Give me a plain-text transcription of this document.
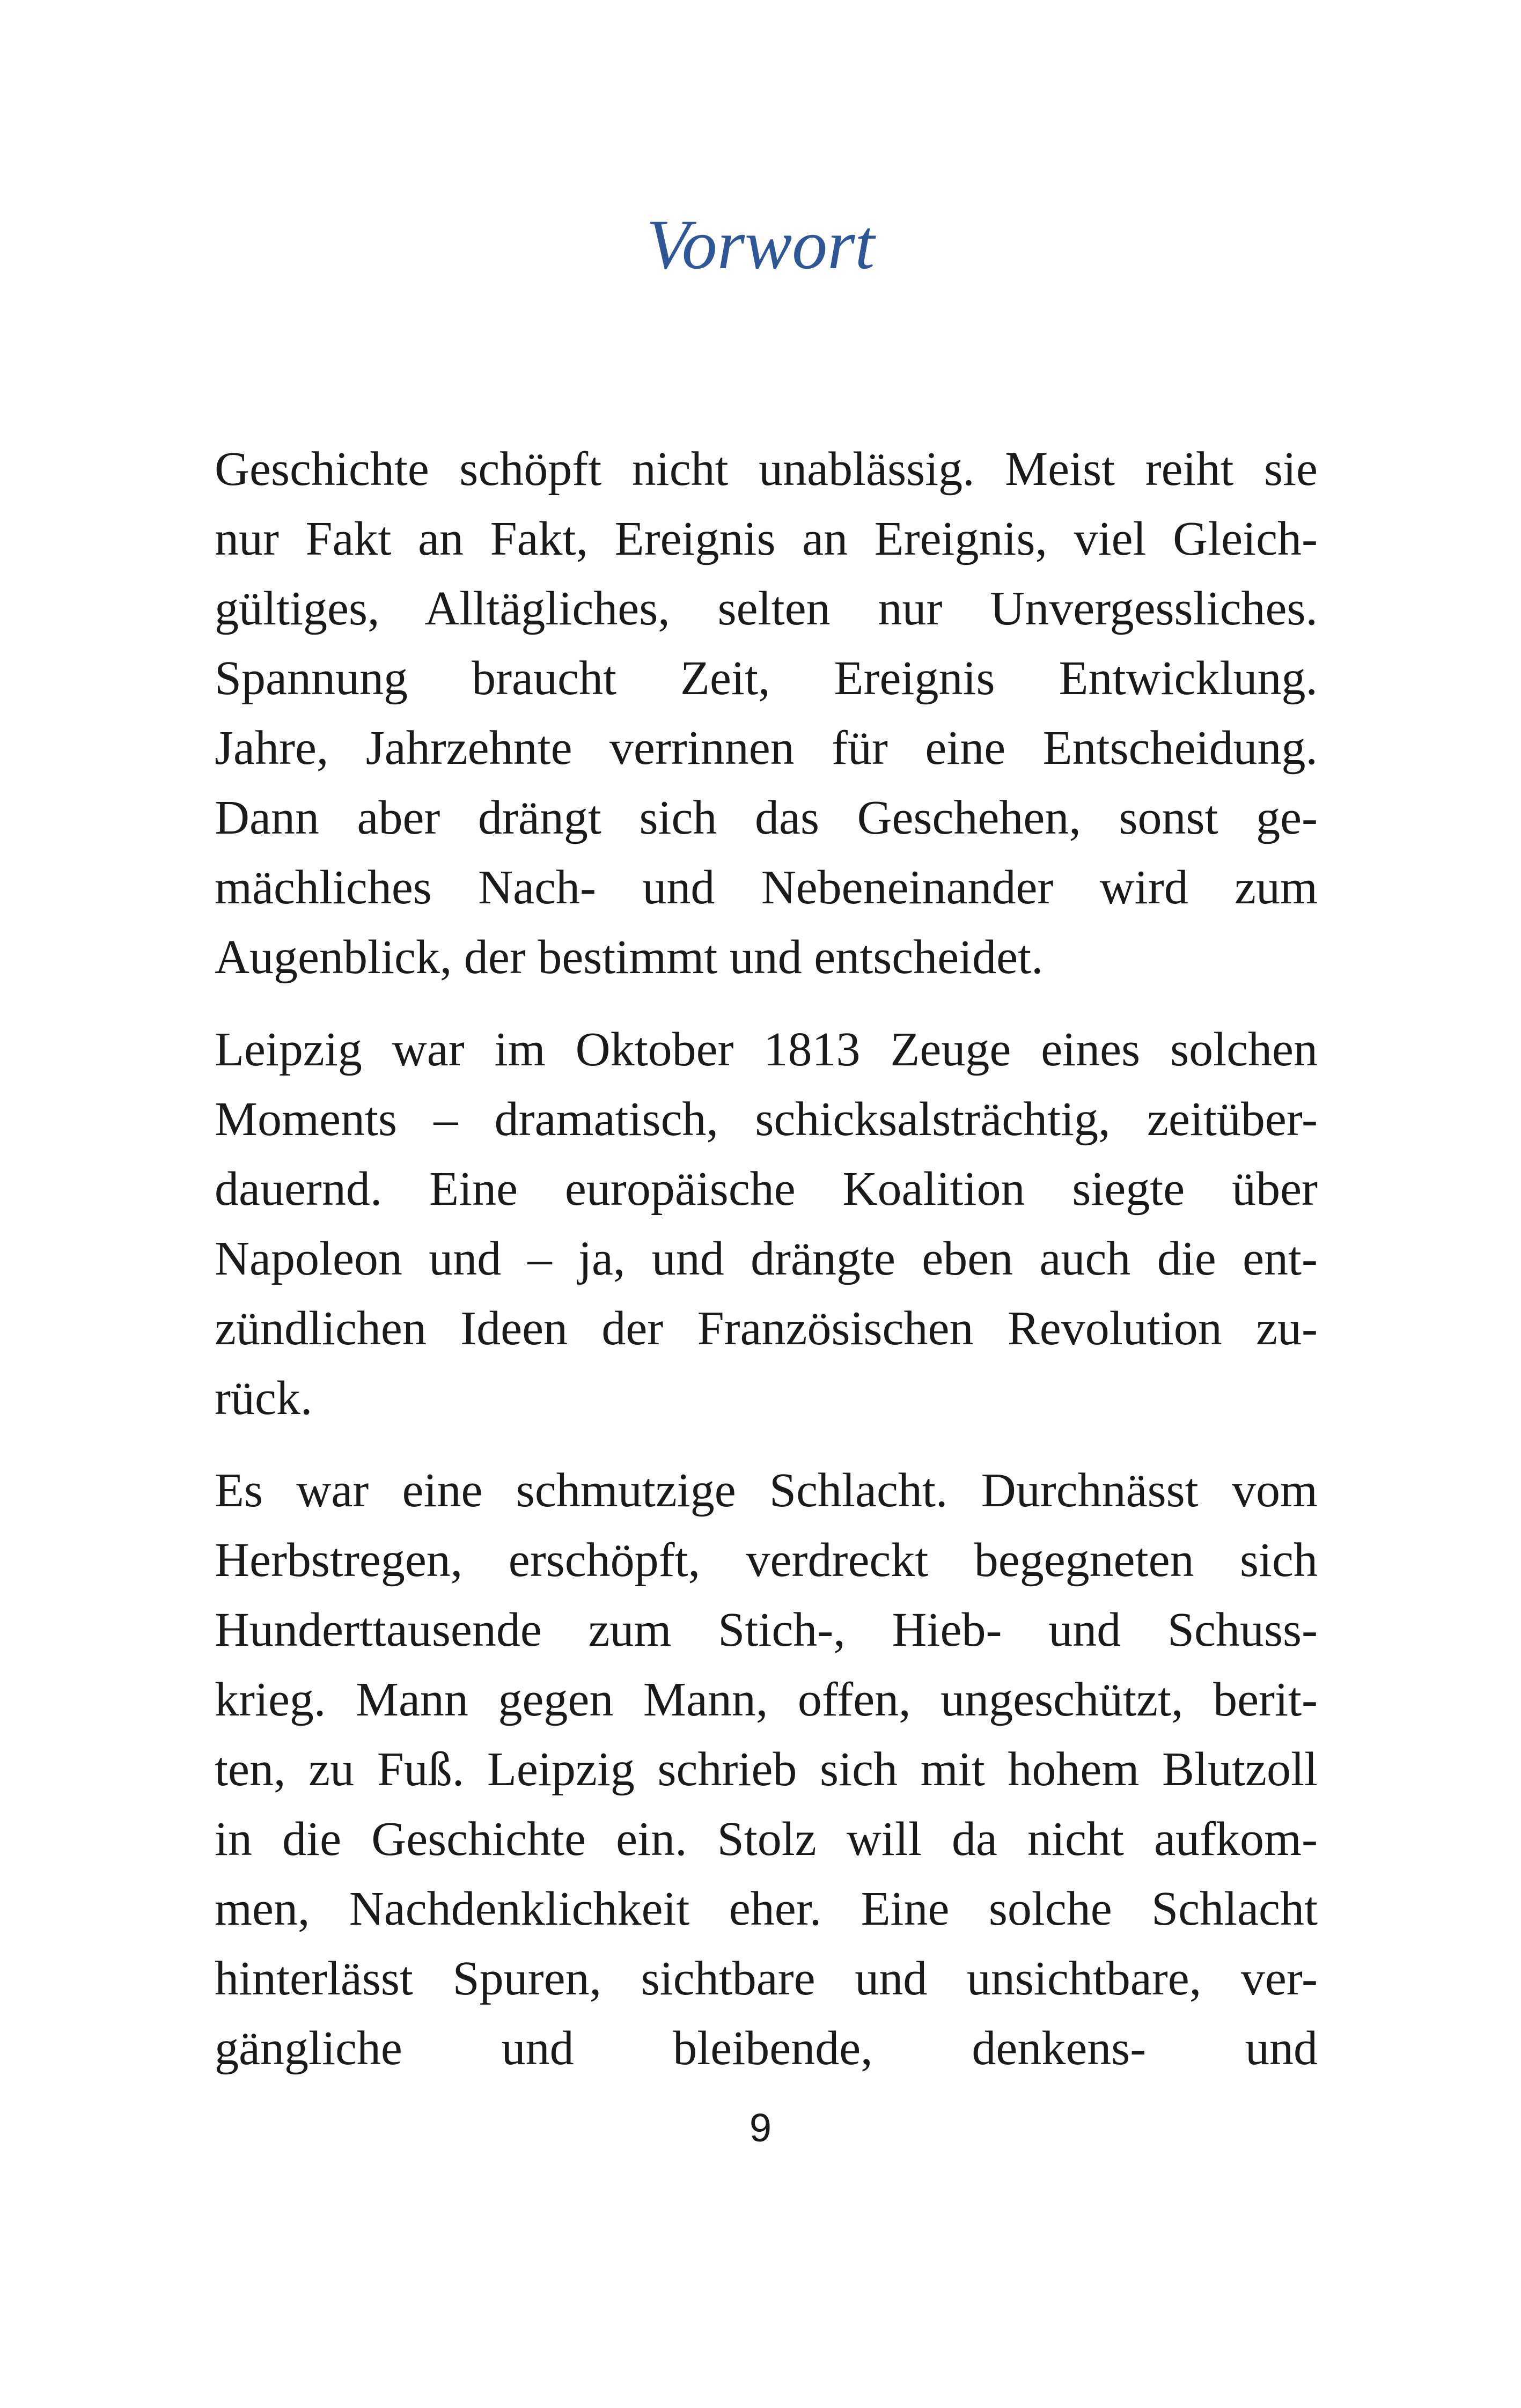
Vorwort

Geschichte schöpft nicht unablässig. Meist reiht sie
nur Fakt an Fakt, Ereignis an Ereignis, viel Gleich-
gültiges, Alltägliches, selten nur Unvergessliches.
Spannung braucht Zeit, Ereignis Entwicklung.
Jahre, Jahrzehnte verrinnen für eine Entscheidung.
Dann aber drängt sich das Geschehen, sonst ge-
mächliches Nach- und Nebeneinander wird zum
Augenblick, der bestimmt und entscheidet.

Leipzig war im Oktober 1813 Zeuge eines solchen
Moments – dramatisch, schicksalsträchtig, zeitüber-
dauernd. Eine europäische Koalition siegte über
Napoleon und – ja, und drängte eben auch die ent-
zündlichen Ideen der Französischen Revolution zu-
rück.

Es war eine schmutzige Schlacht. Durchnässt vom
Herbstregen, erschöpft, verdreckt begegneten sich
Hunderttausende zum Stich-, Hieb- und Schuss-
krieg. Mann gegen Mann, offen, ungeschützt, berit-
ten, zu Fuß. Leipzig schrieb sich mit hohem Blutzoll
in die Geschichte ein. Stolz will da nicht aufkom-
men, Nachdenklichkeit eher. Eine solche Schlacht
hinterlässt Spuren, sichtbare und unsichtbare, ver-
gängliche und bleibende, denkens- und

9
